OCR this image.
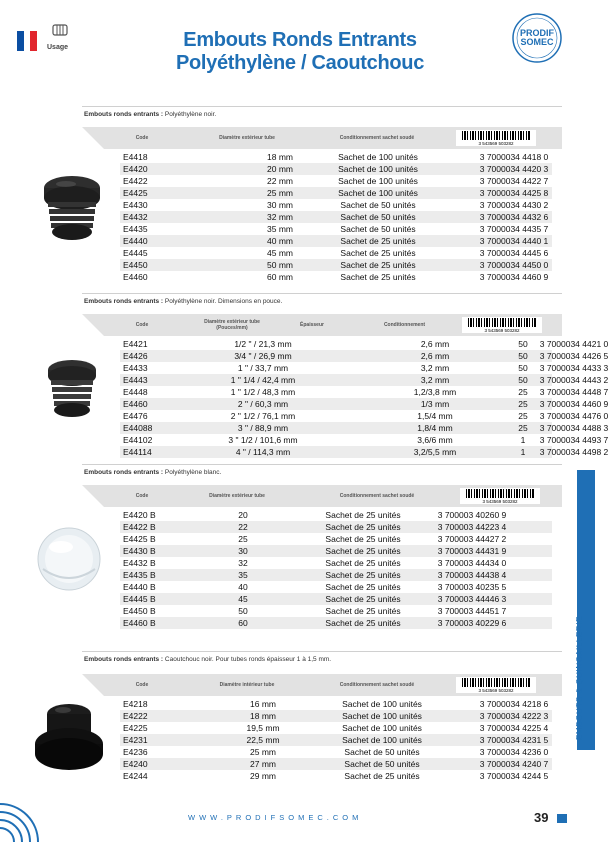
Usage	Embouts Ronds Entrants
Polyéthylène / Caoutchouc
PRODIF
SOMEC
Embouts ronds entrants : Polyéthylène noir.
Code	Diamètre extérieur tube	Conditionnement sachet soudé
3 543569 503282
E4418	18 mm	Sachet de 100 unités	3 7000034 4418 0
E4420	20 mm	Sachet de 100 unités	3 7000034 4420 3
E4422	22 mm	Sachet de 100 unités	3 7000034 4422 7
E4425	25 mm	Sachet de 100 unités	3 7000034 4425 8
E4430	30 mm	Sachet de 50 unités	3 7000034 4430 2
E4432	32 mm	Sachet de 50 unités	3 7000034 4432 6
E4435	35 mm	Sachet de 50 unités	3 7000034 4435 7
E4440	40 mm	Sachet de 25 unités	3 7000034 4440 1
E4445	45 mm	Sachet de 25 unités	3 7000034 4445 6
E4450	50 mm	Sachet de 25 unités	3 7000034 4450 0
E4460	60 mm	Sachet de 25 unités	3 7000034 4460 9
Embouts ronds entrants : Polyéthylène noir. Dimensions en pouce.
Code	Diamètre extérieur tube (Pouces/mm)	Épaisseur	Conditionnement
3 543569 503282
E4421	1/2 " / 21,3 mm	2,6 mm	50 3 7000034 4421 0
E4426	3/4 " / 26,9 mm	2,6 mm	50 3 7000034 4426 5
E4433	1 " / 33,7 mm	3,2 mm	50 3 7000034 4433 3
E4443	1 " 1/4 / 42,4 mm	3,2 mm	50 3 7000034 4443 2
E4448	1 " 1/2 / 48,3 mm	1,2/3,8 mm	25 3 7000034 4448 7
E4460	2 " / 60,3 mm	1/3 mm	25 3 7000034 4460 9
E4476	2 " 1/2 / 76,1 mm	1,5/4 mm	25 3 7000034 4476 0
E44088	3 " / 88,9 mm	1,8/4 mm	25 3 7000034 4488 3
E44102	3 " 1/2 / 101,6 mm	3,6/6 mm	1 3 7000034 4493 7
E44114	4 " / 114,3 mm	3,2/5,5 mm	1 3 7000034 4498 2
Embouts ronds entrants : Polyéthylène blanc.
Code	Diamètre extérieur tube	Conditionnement sachet soudé
3 543569 503282
E4420 B	20	Sachet de 25 unités	3 700003 40260 9
E4422 B	22	Sachet de 25 unités	3 700003 44223 4
E4425 B	25	Sachet de 25 unités	3 700003 44427 2
E4430 B	30	Sachet de 25 unités	3 700003 44431 9
E4432 B	32	Sachet de 25 unités	3 700003 44434 0
E4435 B	35	Sachet de 25 unités	3 700003 44438 4
E4440 B	40	Sachet de 25 unités	3 700003 40235 5
E4445 B	45	Sachet de 25 unités	3 700003 44446 3
E4450 B	50	Sachet de 25 unités	3 700003 44451 7
E4460 B	60	Sachet de 25 unités	3 700003 40229 6
Embouts ronds entrants : Caoutchouc noir. Pour tubes ronds épaisseur 1 à 1,5 mm.
Code	Diamètre intérieur tube	Conditionnement sachet soudé
3 543569 503282
E4218	16 mm	Sachet de 100 unités	3 7000034 4218 6
E4222	18 mm	Sachet de 100 unités	3 7000034 4222 3
E4225	19,5 mm	Sachet de 100 unités	3 7000034 4225 4
E4231	22,5 mm	Sachet de 100 unités	3 7000034 4231 5
E4236	25 mm	Sachet de 50 unités	3 7000034 4236 0
E4240	27 mm	Sachet de 50 unités	3 7000034 4240 7
E4244	29 mm	Sachet de 25 unités	3 7000034 4244 5
EMBOUTS & QUINCAILLERIE
WWW.PRODIFSOMEC.COM	39
